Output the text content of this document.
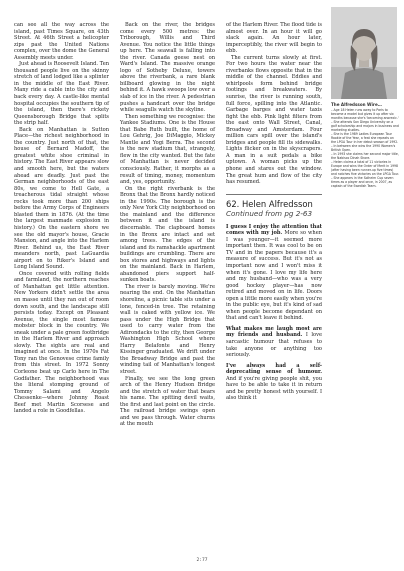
can see all the way across the island, past Times Square, on 43th Street. At 46th Street a helicopter zips past the United Nations complex, over the dome the General Assembly meets under.

Just ahead is Roosevelt Island. Ten thousand people live on the skinny stretch of land lodged like a splinter in the middle of the East River. Many ride a cable into the city and back every day. A castle-like mental hospital occupies the southern tip of the island, then there's rickety Queensborough Bridge that splits the strip half.

Back on Manhattan is Sutton Place—the richest neighborhood in the country. Just north of that, the house of Bernard Madoff, the greatest white shoe criminal in history. The East River appears slow and smooth here, but the waters ahead are deadly. Just past the German neighborhoods of the east 80s, we come to Hell Gate, a treacherous tidal straight whose rocks took more than 200 ships before the Army Corps of Engineers blasted them in 1876. (At the time the largest manmade explosion in history.) On the eastern shore we see the old mayor's house, Gracie Mansion, and angle into the Harlem River. Behind us, the East River meanders north, past LaGuardia airport on to Riker's Island and Long Island Sound.

Once covered with rolling fields and farmland, the northern reaches of Manhattan get little attention. New Yorkers didn't settle the area en masse until they ran out of room down south, and the landscape still persists today. Except on Pleasant Avenue, the single most famous mobster block in the country. We sneak under a pale green footbridge in the Harlem River and approach slowly. The sights are real and imagined at once. In the 1970s Fat Tony ran the Genovese crime family from this street. In 1972 Sonny Corleone beat up Carlo here in The Godfather. The neighborhood was the literal stomping ground of Tommy Salami and Angelo Chessenke—where Johnny Roast Beef met Martin Scorsese and landed a role in Goodfellas.

Back on the river, the bridges come every 500 metres: the Triborough, Willis and Third Avenue. You notice the little things up here. The seawall is falling into the river. Canada geese nest on Ward's Island. The massive orange logo of Sotheby Deluxe, towers above the riverbank, a rare blank billboard glowing in the night behind it. A hawk swoops low over a slab of ice in the river. A pedestrian pushes a handcart over the bridge while seagulls watch the skyline.

Then something we recognise: the Yankee Stadiums. One is the House that Babe Ruth built, the home of Lou Gehrig, Joe DiMaggio, Mickey Mantle and Yogi Berra. The second is the new stadium that, strangely, flew in the city wanted. But the fate of Manhattan is never decided consciously. Rather, it morphs as a result of timing, money, momentum and, yes, opportunity.

On the right riverbank is the Bronx that the Bronx hardly noticed in the 1990s. The borough is the only New York City neighborhood on the mainland and the difference between it and the island is discernable. The clapboard homes in the Bronx are intact and set among trees. The edges of the island and its ramshackle apartment buildings are crumbling. There are box stores and highways and lights on the mainland. Back in Harlem, abandoned piers support half-sunken boats.

The river is barely moving. We're nearing the end. On the Manhattan shoreline, a picnic table sits under a lone, fenced-in tree. The retaining wall is caked with yellow ice. We pass under the High Bridge that used to carry water from the Adirondacks to the city, then George Washington High School where Harry Belafonte and Henry Kissinger graduated. We drift under the Broadway Bridge and past the winding tail of Manhattan's longest street.

Finally, we see the long green arch of the Henry Hudson Bridge and the stretch of water that bears his name. The spitting devil waits, the first and last point on the circle. The railroad bridge swings open and we pass through. Water churns at the mouth

of the Harlem River. The flood tide is almost over. In an hour it will go slack again. An hour later, imperceptibly, the river will begin to ebb.

The current turns slowly at first. For two hours the water near the riverbanks flows opposite that in the middle of the channel. Eddies and whirlpools form behind bridge footings and breakwaters. By sunrise, the river is running south, full force, spilling into the Atlantic. Garbage barges and water taxis fight the ebb. Pink light filters from the east onto Wall Street, Canal, Broadway and Amsterdam. Four million cars spill over the island's bridges and people fill its sidewalks. Lights flicker on in the skyscrapers. A man in a suit pedals a bike uptown. A woman picks up the phone and stares out the window. The great hum and flow of the city has resumed.

62. Helen Alfredsson
Continued from pg 2-63

I guess I enjoy the attention that comes with my job. More so when I was younger—it seemed more important then. It was cool to be on TV and in the papers because it's a measure of success. But it's not as important now and I won't miss it when it's gone. I love my life here and my husband—who was a very good hockey player—has now retired and moved on in life. Doors open a little more easily when you're in the public eye, but it's kind of sad when people become dependant on that and can't leave it behind.

What makes me laugh most are my friends and husband. I love sarcastic humour that refuses to take anyone or anything too seriously.

I've always had a self-deprecating sense of humour. And if you're giving people shit, you have to be able to take it in return and be pretty honest with yourself. I also think it

The Alfredsson Wire…
– Age 18 Helen runs away to Paris to become a model but gives it up after six months because she's 'becoming anorexic.'
– She attends San Diego University on a golf scholarship and majors in business and marketing studies.
– She is the 1989 Ladies European Tour Rookie of the Year, a feat she repeats on the LPGA Tour in her debut season of 1992.
– In between she wins the 1990 Women's British Open.
– In 1993 she claims her second major title, the Nabisco Dinah Shore.
– Helen claims a total of 11 victories in Europe and wins the Order of Merit in 1998 (after having been runner-up five times) and notches five victories on the LPGA Tour.
– She appears in the Solheim Cup seven times as a player and once, in 2007, as captain of the Swedish Team.
2:77
